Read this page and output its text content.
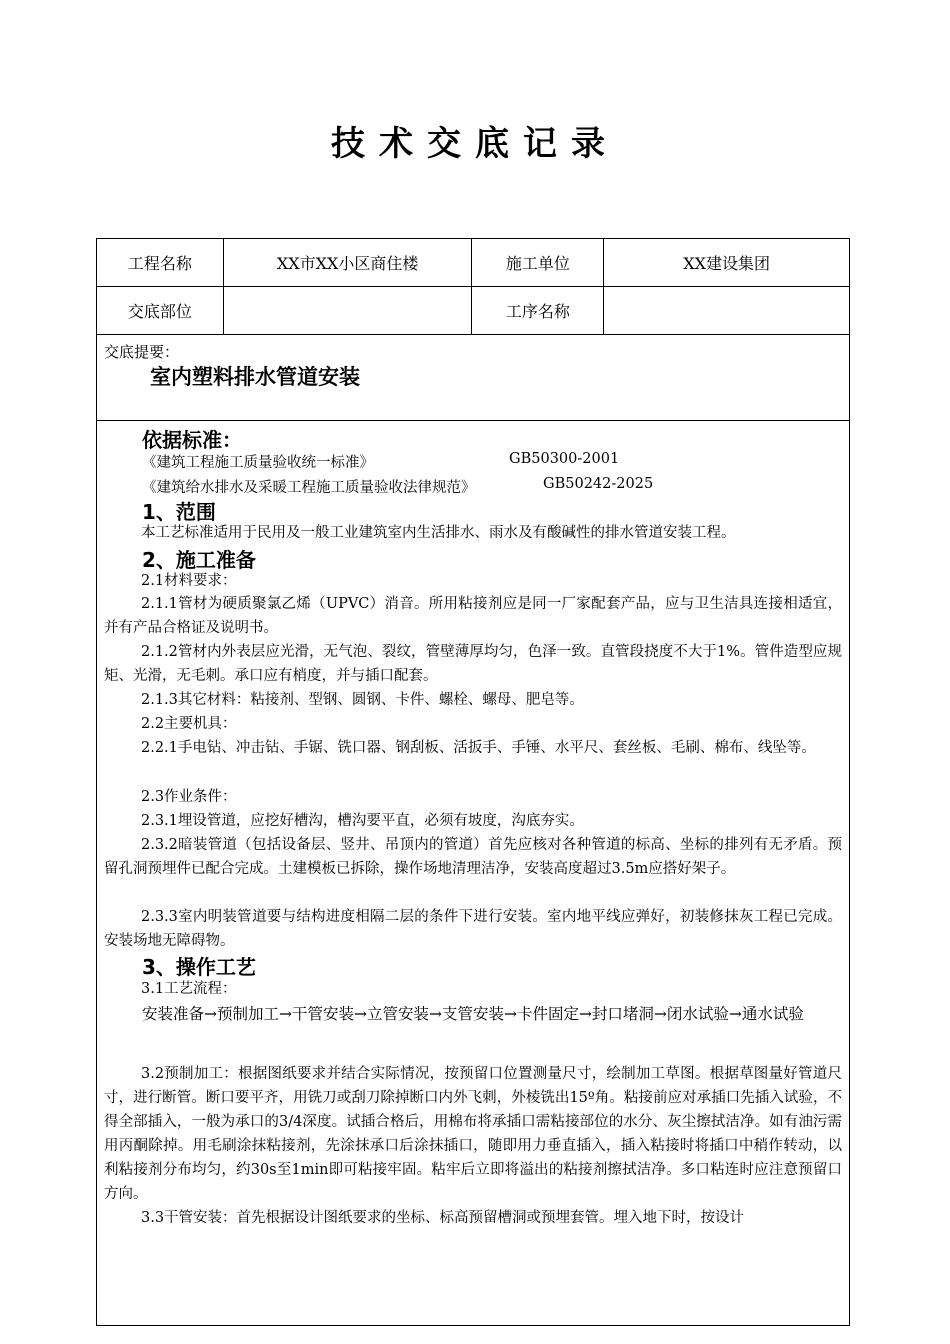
技术交底记录
工程名称	XX市XX小区商住楼	施工单位	XX建设集团
交底部位		工序名称	
交底提要：
室内塑料排水管道安装
依据标准：
《建筑工程施工质量验收统一标准》	GB50300-2001
《建筑给水排水及采暖工程施工质量验收法律规范》	GB50242-2025
1、范围

本工艺标准适用于民用及一般工业建筑室内生活排水、雨水及有酸碱性的排水管道安装工程。

2、施工准备

2.1材料要求：

2.1.1管材为硬质聚氯乙烯（UPVC）消音。所用粘接剂应是同一厂家配套产品，应与卫生洁具连接相适宜，并有产品合格证及说明书。

2.1.2管材内外表层应光滑，无气泡、裂纹，管壁薄厚均匀，色泽一致。直管段挠度不大于1%。管件造型应规矩、光滑，无毛刺。承口应有梢度，并与插口配套。

2.1.3其它材料：粘接剂、型钢、圆钢、卡件、螺栓、螺母、肥皂等。

2.2主要机具：

2.2.1手电钻、冲击钻、手锯、铣口器、钢刮板、活扳手、手锤、水平尺、套丝板、毛刷、棉布、线坠等。

2.3作业条件：

2.3.1埋设管道，应挖好槽沟，槽沟要平直，必须有坡度，沟底夯实。

2.3.2暗装管道（包括设备层、竖井、吊顶内的管道）首先应核对各种管道的标高、坐标的排列有无矛盾。预留孔洞预埋件已配合完成。土建模板已拆除，操作场地清理洁净，安装高度超过3.5m应搭好架子。

2.3.3室内明装管道要与结构进度相隔二层的条件下进行安装。室内地平线应弹好，初装修抹灰工程已完成。安装场地无障碍物。

3、操作工艺

3.1工艺流程：

安装准备→预制加工→干管安装→立管安装→支管安装→卡件固定→封口堵洞→闭水试验→通水试验

3.2预制加工：根据图纸要求并结合实际情况，按预留口位置测量尺寸，绘制加工草图。根据草图量好管道尺寸，进行断管。断口要平齐，用铣刀或刮刀除掉断口内外飞刺，外棱铣出15º角。粘接前应对承插口先插入试验，不得全部插入，一般为承口的3/4深度。试插合格后，用棉布将承插口需粘接部位的水分、灰尘擦拭洁净。如有油污需用丙酮除掉。用毛刷涂抹粘接剂，先涂抹承口后涂抹插口，随即用力垂直插入，插入粘接时将插口中稍作转动，以利粘接剂分布均匀，约30s至1min即可粘接牢固。粘牢后立即将溢出的粘接剂擦拭洁净。多口粘连时应注意预留口方向。

3.3干管安装：首先根据设计图纸要求的坐标、标高预留槽洞或预埋套管。埋入地下时，按设计
